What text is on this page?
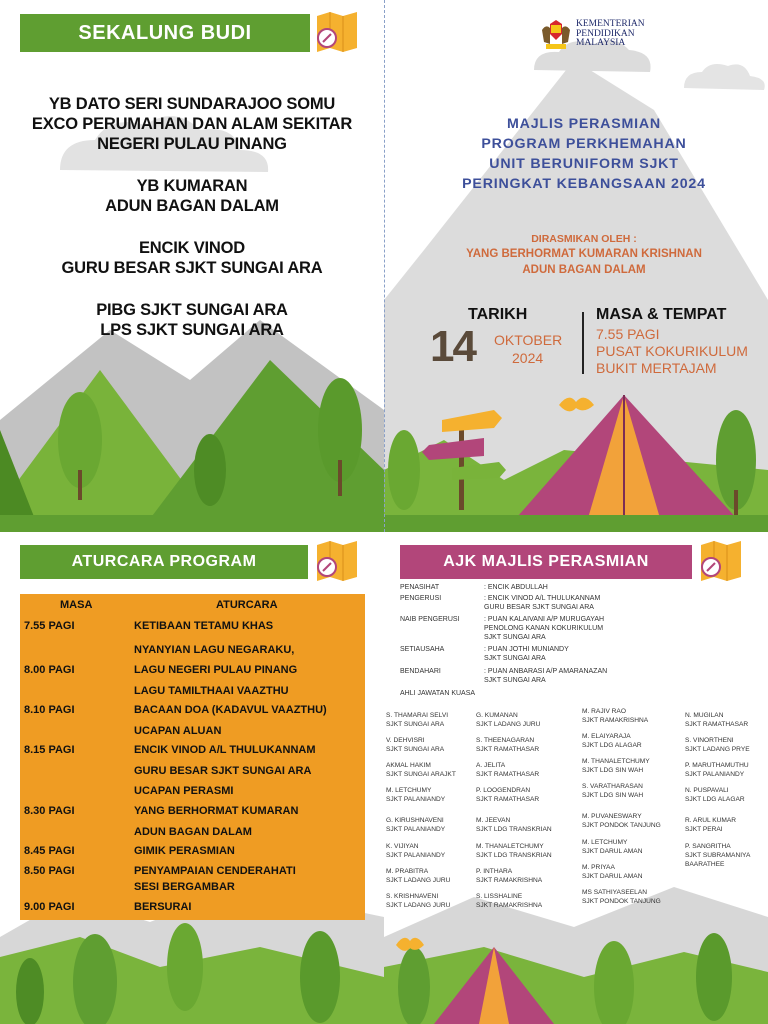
SEKALUNG BUDI
YB DATO SERI SUNDARAJOO SOMU
EXCO PERUMAHAN DAN ALAM SEKITAR
NEGERI PULAU PINANG
YB KUMARAN
ADUN BAGAN DALAM
ENCIK VINOD
GURU BESAR SJKT SUNGAI ARA
PIBG SJKT SUNGAI ARA
LPS SJKT SUNGAI ARA
KEMENTERIAN
PENDIDIKAN
MALAYSIA
MAJLIS PERASMIAN
PROGRAM PERKHEMAHAN
UNIT BERUNIFORM SJKT
PERINGKAT KEBANGSAAN 2024
DIRASMIKAN OLEH :
YANG BERHORMAT KUMARAN KRISHNAN
ADUN BAGAN DALAM
TARIKH
14 OKTOBER
2024
MASA & TEMPAT
7.55 PAGI
PUSAT KOKURIKULUM
BUKIT MERTAJAM
ATURCARA PROGRAM
MASA	ATURCARA
7.55 PAGI	KETIBAAN TETAMU KHAS
NYANYIAN LAGU NEGARAKU,
8.00 PAGI	LAGU NEGERI PULAU PINANG
LAGU TAMILTHAAI VAAZTHU
8.10 PAGI	BACAAN DOA (KADAVUL VAAZTHU)
UCAPAN ALUAN
8.15 PAGI	ENCIK VINOD A/L THULUKANNAM
GURU BESAR SJKT SUNGAI ARA
UCAPAN PERASMI
8.30 PAGI	YANG BERHORMAT KUMARAN
ADUN BAGAN DALAM
8.45 PAGI	GIMIK PERASMIAN
8.50 PAGI	PENYAMPAIAN CENDERAHATI
SESI BERGAMBAR
9.00 PAGI	BERSURAI
AJK MAJLIS PERASMIAN
PENASIHAT	: ENCIK ABDULLAH
PENGERUSI	: ENCIK VINOD A/L THULUKANNAM
GURU BESAR SJKT SUNGAI ARA
NAIB PENGERUSI	: PUAN KALAIVANI A/P MURUGAYAH
PENOLONG KANAN KOKURIKULUM
SJKT SUNGAI ARA
SETIAUSAHA	: PUAN JOTHI MUNIANDY
SJKT SUNGAI ARA
BENDAHARI	: PUAN ANBARASI A/P AMARANAZAN
SJKT SUNGAI ARA
AHLI JAWATAN KUASA
S. THAMARAI SELVI
SJKT SUNGAI ARA
V. DEHVISRI
SJKT SUNGAI ARA
AKMAL HAKIM
SJKT SUNGAI ARAJKT
M. LETCHUMY
SJKT PALANIANDY
G. KIRUSHNAVENI
SJKT PALANIANDY
K. VIJIYAN
SJKT PALANIANDY
M. PRABITRA
SJKT LADANG JURU
S. KRISHNAVENI
SJKT LADANG JURU
G. KUMANAN
SJKT LADANG JURU
S. THEENAGARAN
SJKT RAMATHASAR
A. JELITA
SJKT RAMATHASAR
P. LOOGENDRAN
SJKT RAMATHASAR
M. JEEVAN
SJKT LDG TRANSKRIAN
M. THANALETCHUMY
SJKT LDG TRANSKRIAN
P. INTHARA
SJKT RAMAKRISHNA
S. LISSHALINE
SJKT RAMAKRISHNA
M. RAJIV RAO
SJKT RAMAKRISHNA
M. ELAIYARAJA
SJKT LDG ALAGAR
M. THANALETCHUMY
SJKT LDG SIN WAH
S. VARATHARASAN
SJKT LDG SIN WAH
M. PUVANESWARY
SJKT PONDOK TANJUNG
M. LETCHUMY
SJKT DARUL AMAN
M. PRIYAA
SJKT DARUL AMAN
MS SATHIYASEELAN
SJKT PONDOK TANJUNG
N. MUGILAN
SJKT RAMATHASAR
S. VINORTHENI
SJKT LADANG PRYE
P. MARUTHAMUTHU
SJKT PALANIANDY
N. PUSPAVALI
SJKT LDG ALAGAR
R. ARUL KUMAR
SJKT PERAI
P. SANGRITHA
SJKT SUBRAMANIYA
BAARATHEE
